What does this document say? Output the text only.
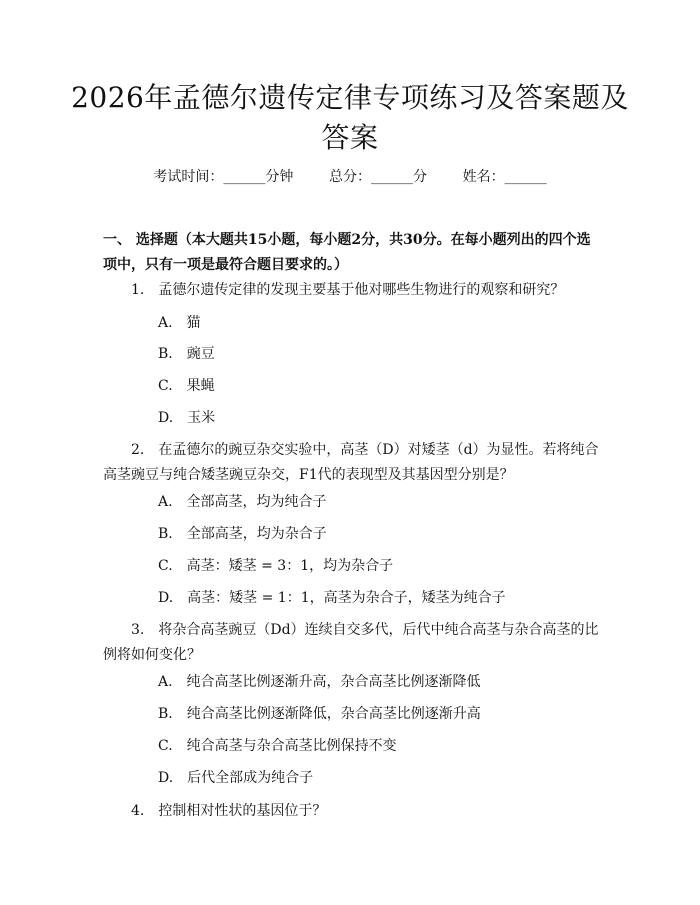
2026年孟德尔遗传定律专项练习及答案题及答案
考试时间：______分钟	总分：______分	姓名：______
一、 选择题（本大题共15小题，每小题2分，共30分。在每小题列出的四个选项中，只有一项是最符合题目要求的。）
1.　孟德尔遗传定律的发现主要基于他对哪些生物进行的观察和研究？
A.　猫
B.　豌豆
C.　果蝇
D.　玉米
2.　在孟德尔的豌豆杂交实验中，高茎（D）对矮茎（d）为显性。若将纯合高茎豌豆与纯合矮茎豌豆杂交，F1代的表现型及其基因型分别是？
A.　全部高茎，均为纯合子
B.　全部高茎，均为杂合子
C.　高茎：矮茎 = 3：1，均为杂合子
D.　高茎：矮茎 = 1：1，高茎为杂合子，矮茎为纯合子
3.　将杂合高茎豌豆（Dd）连续自交多代，后代中纯合高茎与杂合高茎的比例将如何变化？
A.　纯合高茎比例逐渐升高，杂合高茎比例逐渐降低
B.　纯合高茎比例逐渐降低，杂合高茎比例逐渐升高
C.　纯合高茎与杂合高茎比例保持不变
D.　后代全部成为纯合子
4.　控制相对性状的基因位于？
